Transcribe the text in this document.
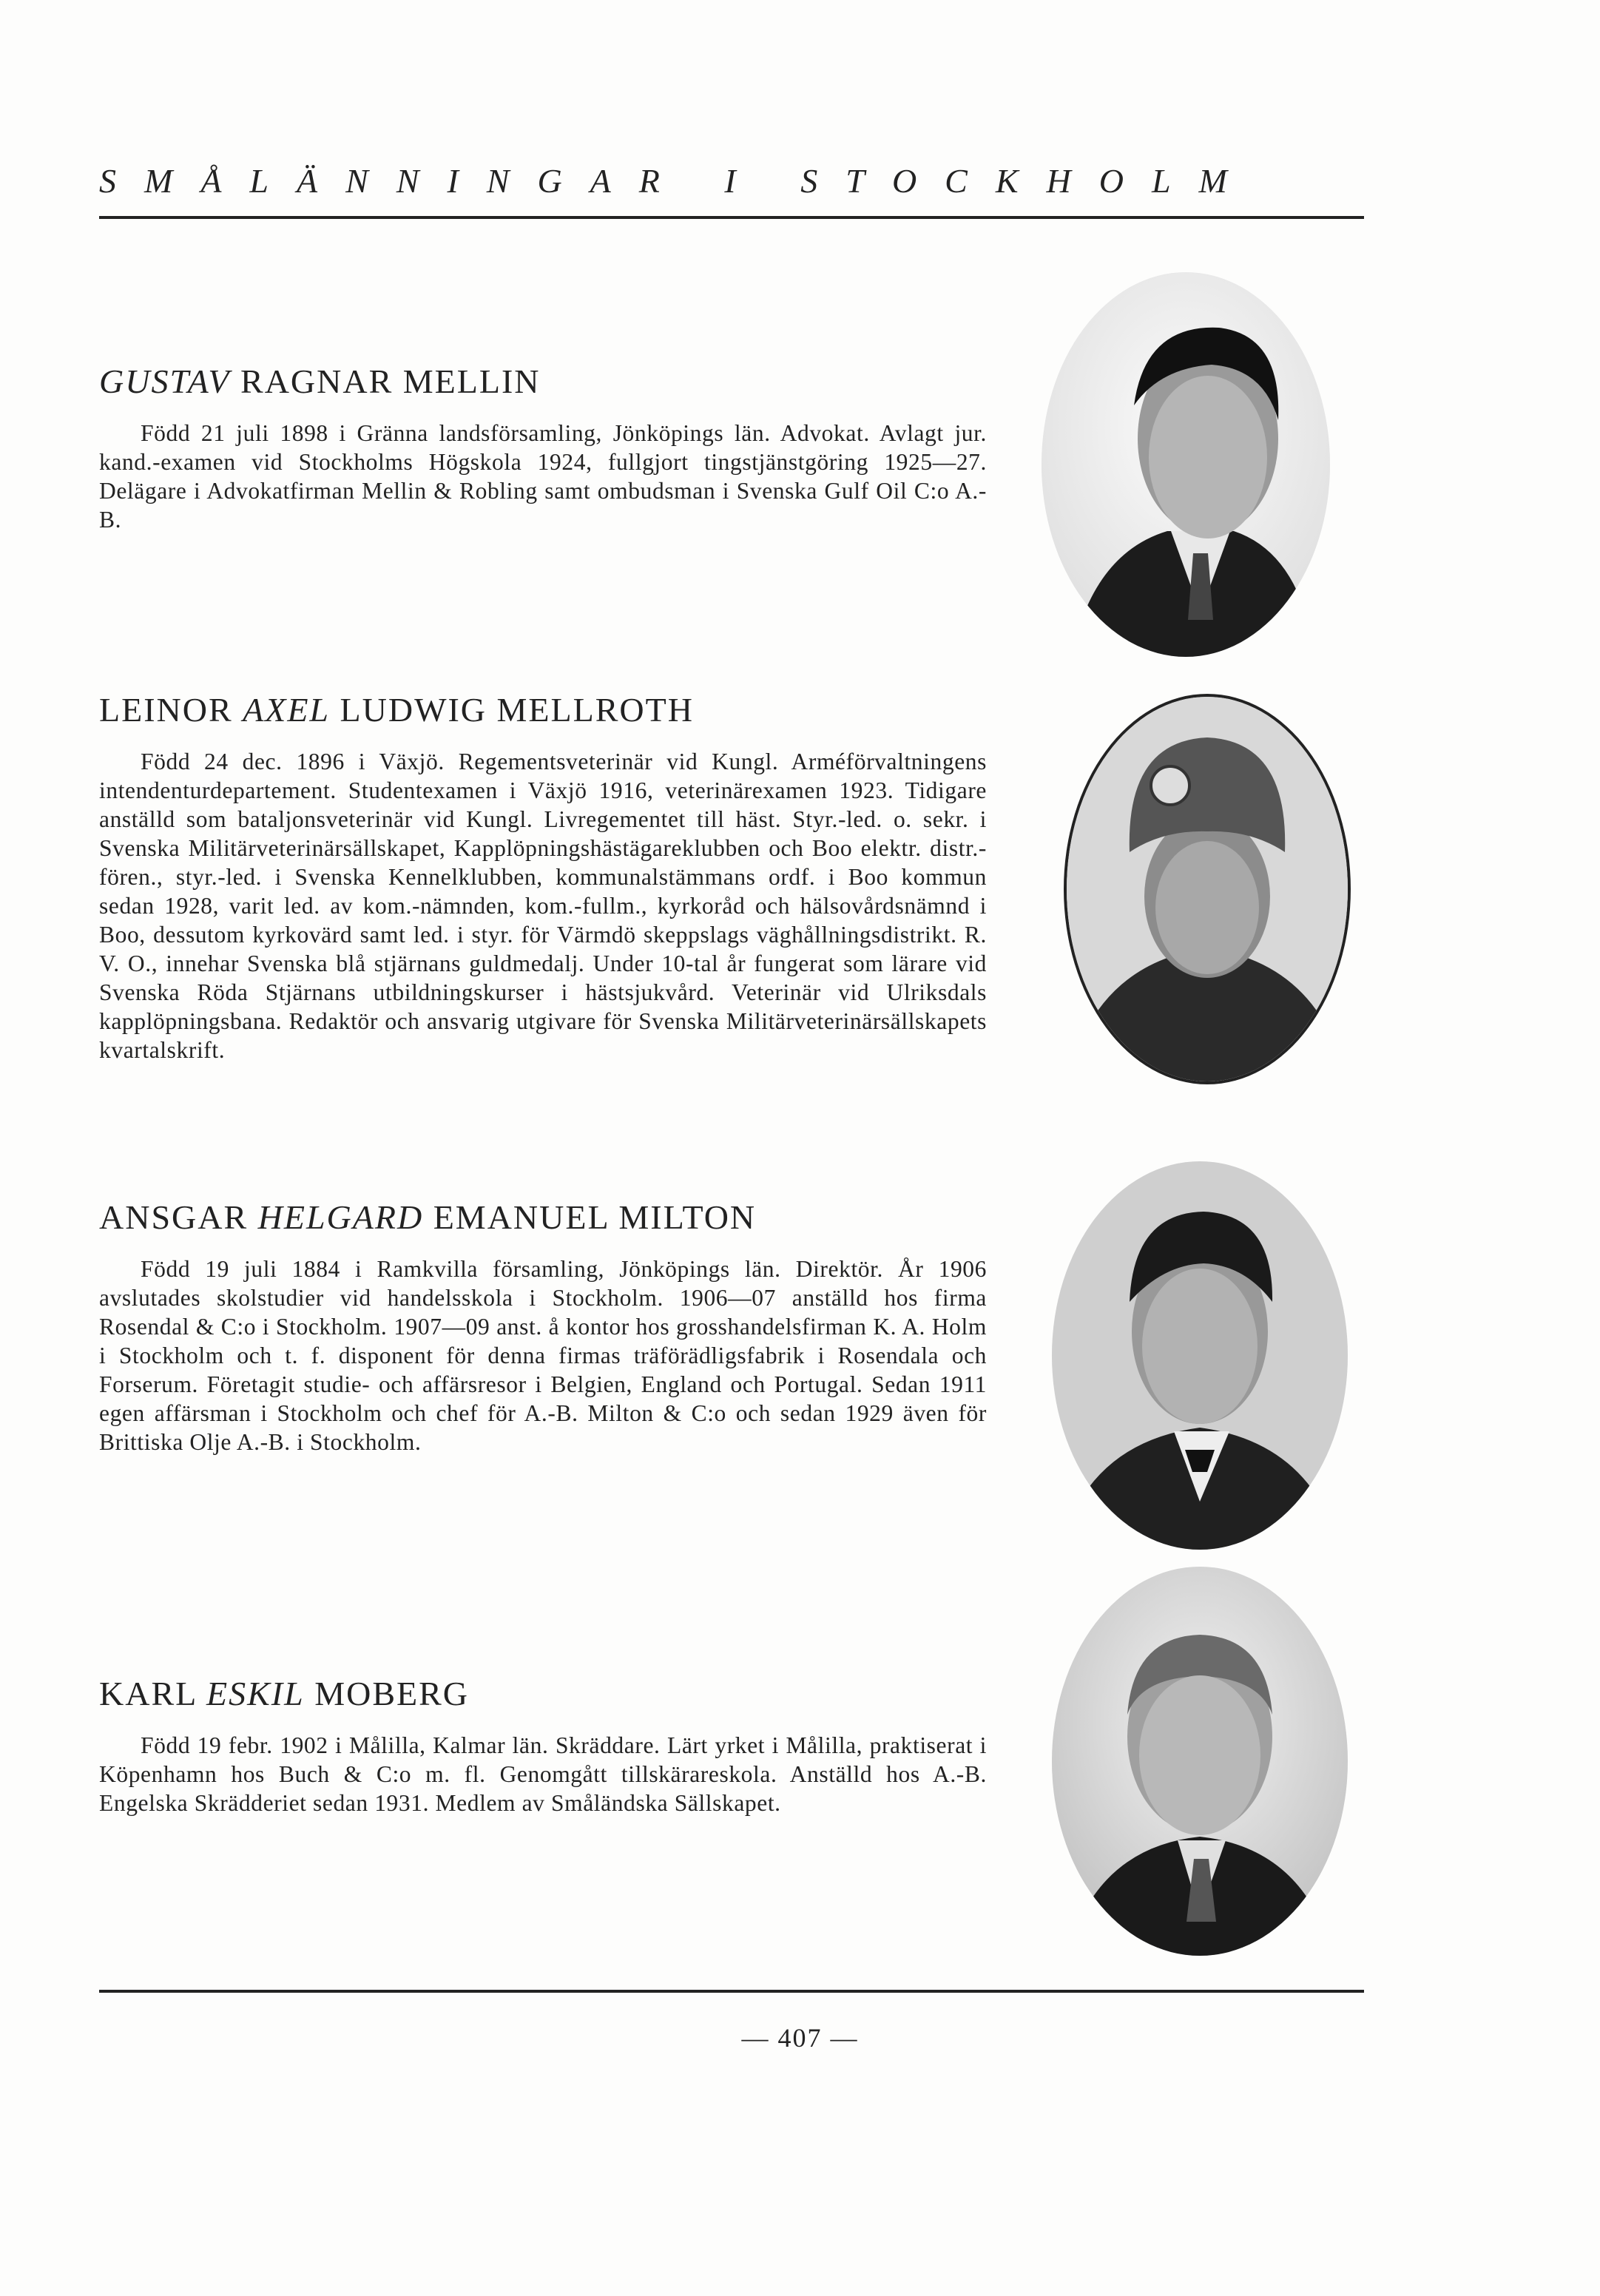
SMÅLÄNNINGAR I STOCKHOLM
GUSTAV RAGNAR MELLIN

Född 21 juli 1898 i Gränna landsförsamling, Jönköpings län. Advokat. Avlagt jur. kand.-examen vid Stockholms Högskola 1924, fullgjort tingstjänstgöring 1925—27. Delägare i Advokatfirman Mellin & Robling samt ombudsman i Svenska Gulf Oil C:o A.-B.

LEINOR AXEL LUDWIG MELLROTH

Född 24 dec. 1896 i Växjö. Regementsveterinär vid Kungl. Arméförvaltningens intendenturdepartement. Studentexamen i Växjö 1916, veterinärexamen 1923. Tidigare anställd som bataljonsveterinär vid Kungl. Livregementet till häst. Styr.-led. o. sekr. i Svenska Militärveterinärsällskapet, Kapplöpningshästägareklubben och Boo elektr. distr.-fören., styr.-led. i Svenska Kennelklubben, kommunalstämmans ordf. i Boo kommun sedan 1928, varit led. av kom.-nämnden, kom.-fullm., kyrkoråd och hälsovårdsnämnd i Boo, dessutom kyrkovärd samt led. i styr. för Värmdö skeppslags väghållningsdistrikt. R. V. O., innehar Svenska blå stjärnans guldmedalj. Under 10-tal år fungerat som lärare vid Svenska Röda Stjärnans utbildningskurser i hästsjukvård. Veterinär vid Ulriksdals kapplöpningsbana. Redaktör och ansvarig utgivare för Svenska Militärveterinärsällskapets kvartalskrift.

ANSGAR HELGARD EMANUEL MILTON

Född 19 juli 1884 i Ramkvilla församling, Jönköpings län. Direktör. År 1906 avslutades skolstudier vid handelsskola i Stockholm. 1906—07 anställd hos firma Rosendal & C:o i Stockholm. 1907—09 anst. å kontor hos grosshandelsfirman K. A. Holm i Stockholm och t. f. disponent för denna firmas träförädligsfabrik i Rosendala och Forserum. Företagit studie- och affärsresor i Belgien, England och Portugal. Sedan 1911 egen affärsman i Stockholm och chef för A.-B. Milton & C:o och sedan 1929 även för Brittiska Olje A.-B. i Stockholm.

KARL ESKIL MOBERG

Född 19 febr. 1902 i Målilla, Kalmar län. Skräddare. Lärt yrket i Målilla, praktiserat i Köpenhamn hos Buch & C:o m. fl. Genomgått tillskärareskola. Anställd hos A.-B. Engelska Skrädderiet sedan 1931. Medlem av Småländska Sällskapet.

— 407 —
